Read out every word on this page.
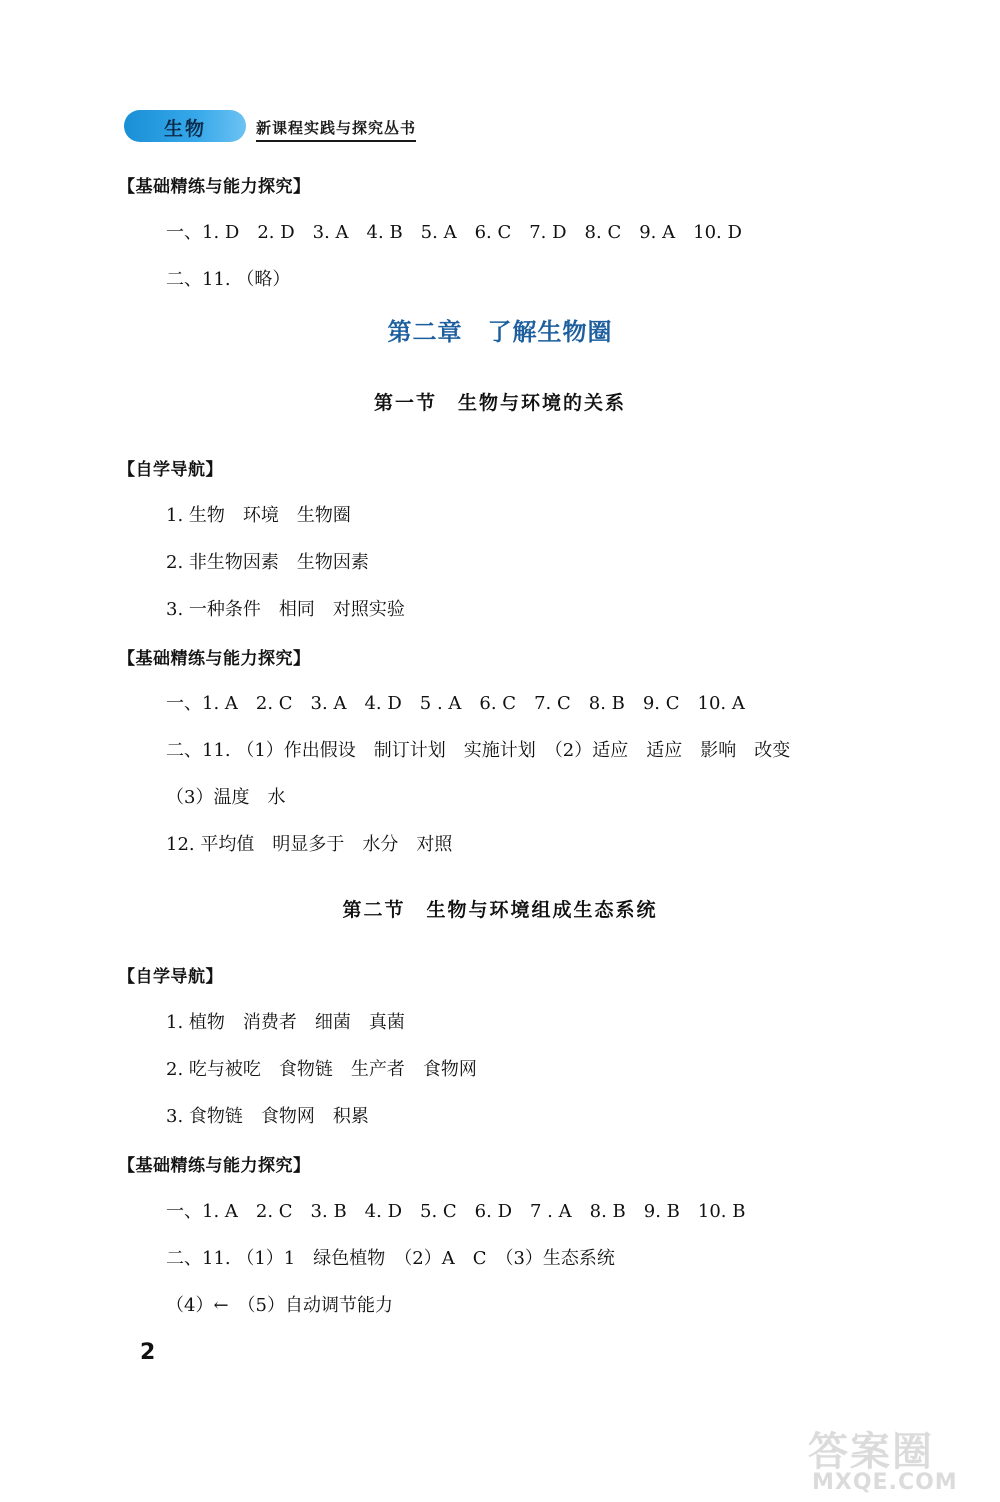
生物	新课程实践与探究丛书
【基础精练与能力探究】
一、1. D　2. D　3. A　4. B　5. A　6. C　7. D　8. C　9. A　10. D
二、11. （略）
第二章　了解生物圈
第一节　生物与环境的关系
【自学导航】
1. 生物　环境　生物圈
2. 非生物因素　生物因素
3. 一种条件　相同　对照实验
【基础精练与能力探究】
一、1. A　2. C　3. A　4. D　5 . A　6. C　7. C　8. B　9. C　10. A
二、11. （1）作出假设　制订计划　实施计划　（2）适应　适应　影响　改变
（3）温度　水
12. 平均值　明显多于　水分　对照
第二节　生物与环境组成生态系统
【自学导航】
1. 植物　消费者　细菌　真菌
2. 吃与被吃　食物链　生产者　食物网
3. 食物链　食物网　积累
【基础精练与能力探究】
一、1. A　2. C　3. B　4. D　5. C　6. D　7 . A　8. B　9. B　10. B
二、11. （1）1　绿色植物　（2）A　C　（3）生态系统
（4）←　（5）自动调节能力
2
答案圈
MXQE.COM
